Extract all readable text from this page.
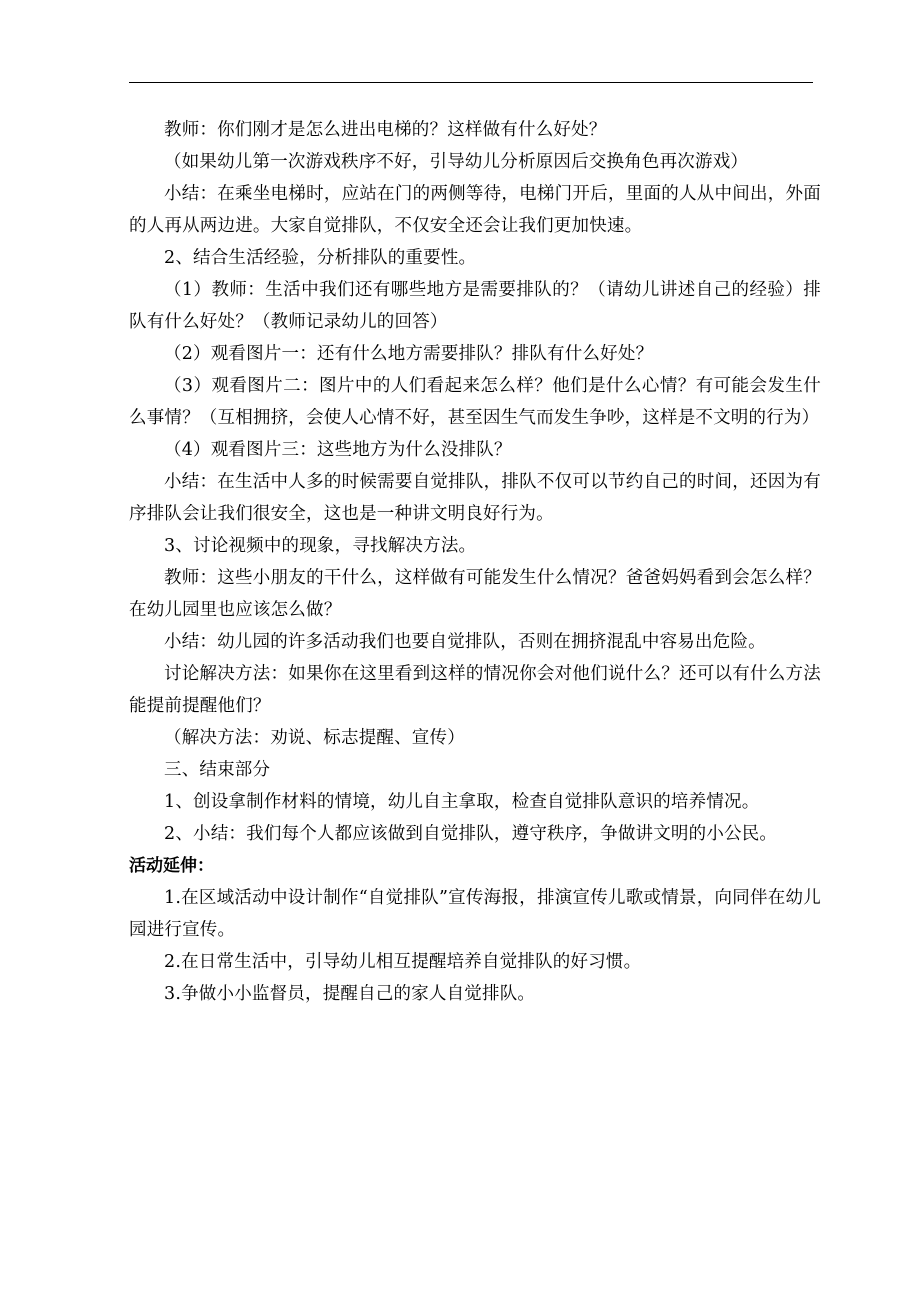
教师：你们刚才是怎么进出电梯的？这样做有什么好处？

（如果幼儿第一次游戏秩序不好，引导幼儿分析原因后交换角色再次游戏）

小结：在乘坐电梯时，应站在门的两侧等待，电梯门开后，里面的人从中间出，外面的人再从两边进。大家自觉排队，不仅安全还会让我们更加快速。

2、结合生活经验，分析排队的重要性。

（1）教师：生活中我们还有哪些地方是需要排队的？（请幼儿讲述自己的经验）排队有什么好处？（教师记录幼儿的回答）

（2）观看图片一：还有什么地方需要排队？排队有什么好处？

（3）观看图片二：图片中的人们看起来怎么样？他们是什么心情？有可能会发生什么事情？（互相拥挤，会使人心情不好，甚至因生气而发生争吵，这样是不文明的行为）

（4）观看图片三：这些地方为什么没排队？

小结：在生活中人多的时候需要自觉排队，排队不仅可以节约自己的时间，还因为有序排队会让我们很安全，这也是一种讲文明良好行为。

3、讨论视频中的现象，寻找解决方法。

教师：这些小朋友的干什么，这样做有可能发生什么情况？爸爸妈妈看到会怎么样？在幼儿园里也应该怎么做？

小结：幼儿园的许多活动我们也要自觉排队，否则在拥挤混乱中容易出危险。

讨论解决方法：如果你在这里看到这样的情况你会对他们说什么？还可以有什么方法能提前提醒他们？

（解决方法：劝说、标志提醒、宣传）

三、结束部分

1、创设拿制作材料的情境，幼儿自主拿取，检查自觉排队意识的培养情况。

2、小结：我们每个人都应该做到自觉排队，遵守秩序，争做讲文明的小公民。

活动延伸：

1.在区域活动中设计制作“自觉排队”宣传海报，排演宣传儿歌或情景，向同伴在幼儿园进行宣传。

2.在日常生活中，引导幼儿相互提醒培养自觉排队的好习惯。

3.争做小小监督员，提醒自己的家人自觉排队。
